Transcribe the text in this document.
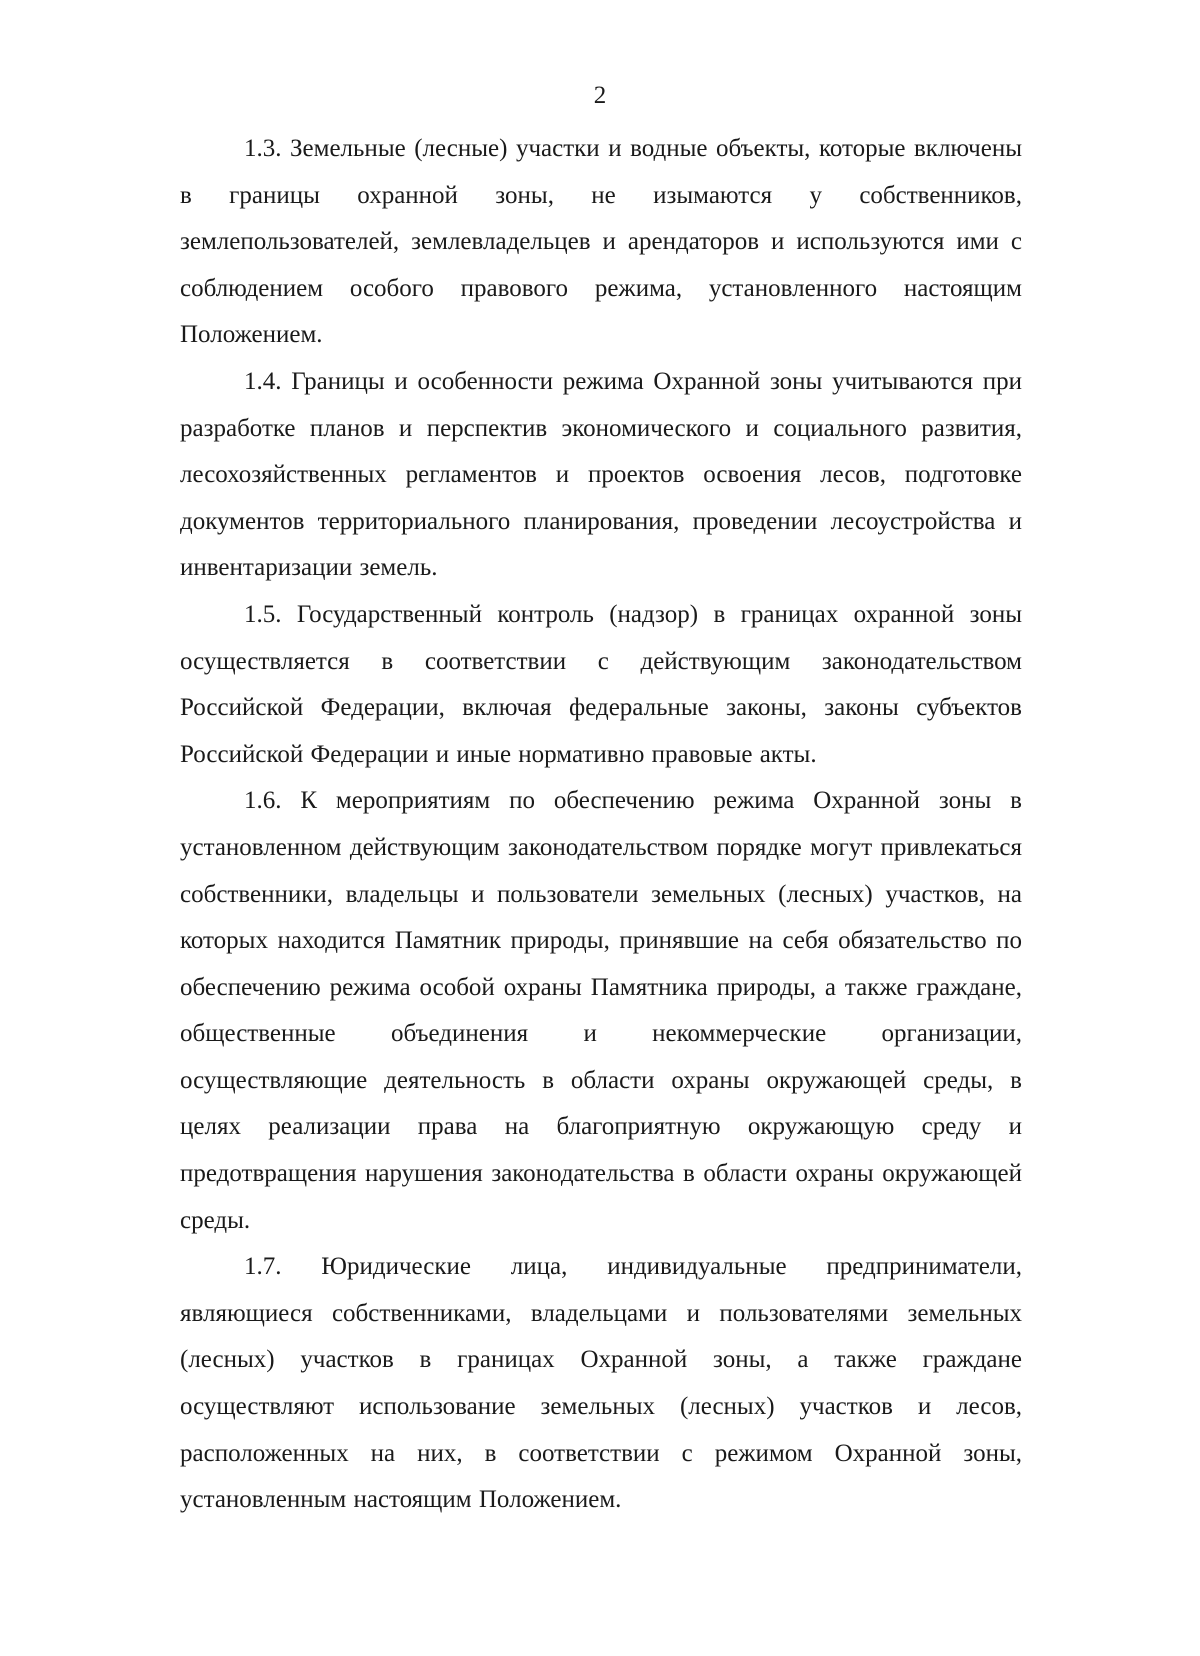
2

1.3. Земельные (лесные) участки и водные объекты, которые включены в границы охранной зоны, не изымаются у собственников, землепользователей, землевладельцев и арендаторов и используются ими с соблюдением особого правового режима, установленного настоящим Положением.

1.4. Границы и особенности режима Охранной зоны учитываются при разработке планов и перспектив экономического и социального развития, лесохозяйственных регламентов и проектов освоения лесов, подготовке документов территориального планирования, проведении лесоустройства и инвентаризации земель.

1.5. Государственный контроль (надзор) в границах охранной зоны осуществляется в соответствии с действующим законодательством Российской Федерации, включая федеральные законы, законы субъектов Российской Федерации и иные нормативно правовые акты.

1.6. К мероприятиям по обеспечению режима Охранной зоны в установленном действующим законодательством порядке могут привлекаться собственники, владельцы и пользователи земельных (лесных) участков, на которых находится Памятник природы, принявшие на себя обязательство по обеспечению режима особой охраны Памятника природы, а также граждане, общественные объединения и некоммерческие организации, осуществляющие деятельность в области охраны окружающей среды, в целях реализации права на благоприятную окружающую среду и предотвращения нарушения законодательства в области охраны окружающей среды.

1.7. Юридические лица, индивидуальные предприниматели, являющиеся собственниками, владельцами и пользователями земельных (лесных) участков в границах Охранной зоны, а также граждане осуществляют использование земельных (лесных) участков и лесов, расположенных на них, в соответствии с режимом Охранной зоны, установленным настоящим Положением.
